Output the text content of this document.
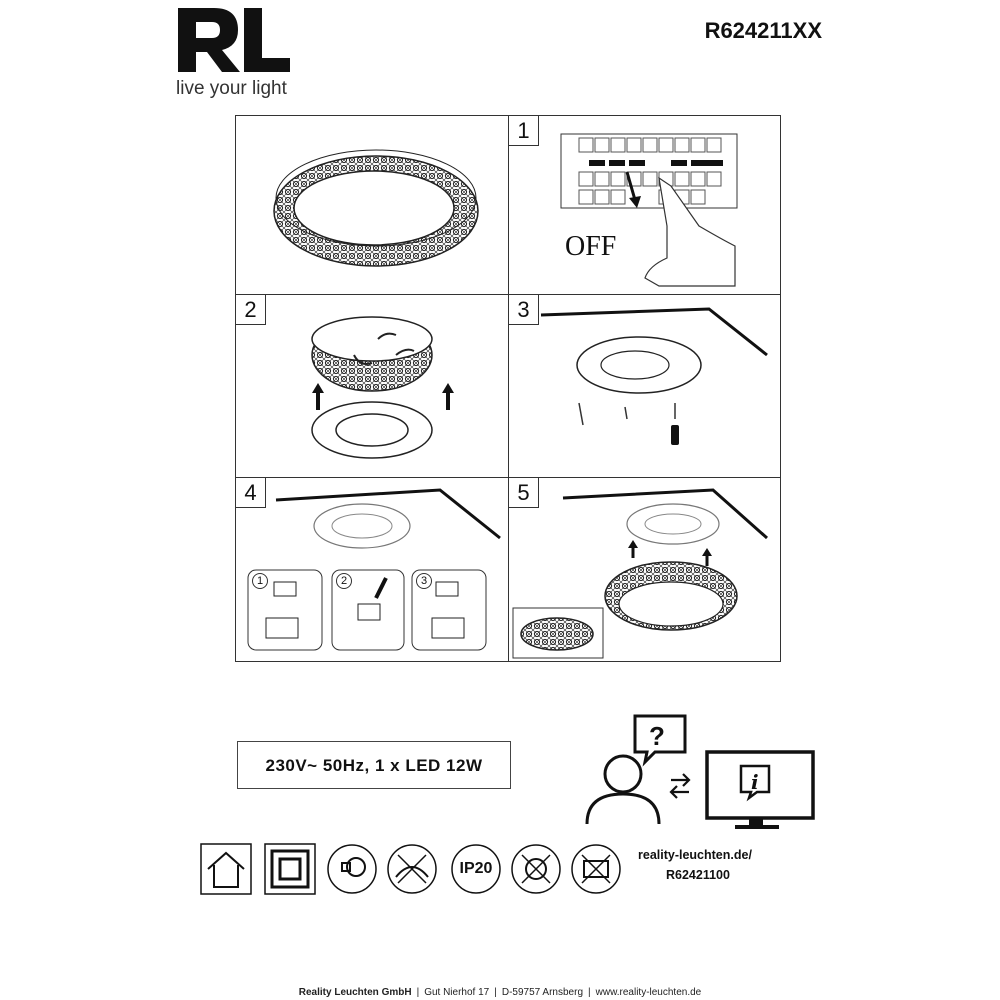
live your light
R624211XX
1
OFF
2	3
4
1	2	3
5
230V~ 50Hz, 1 x LED 12W
?
i
IP20
reality-leuchten.de/
R62421100
Reality Leuchten GmbH | Gut Nierhof 17 | D-59757 Arnsberg | www.reality-leuchten.de
